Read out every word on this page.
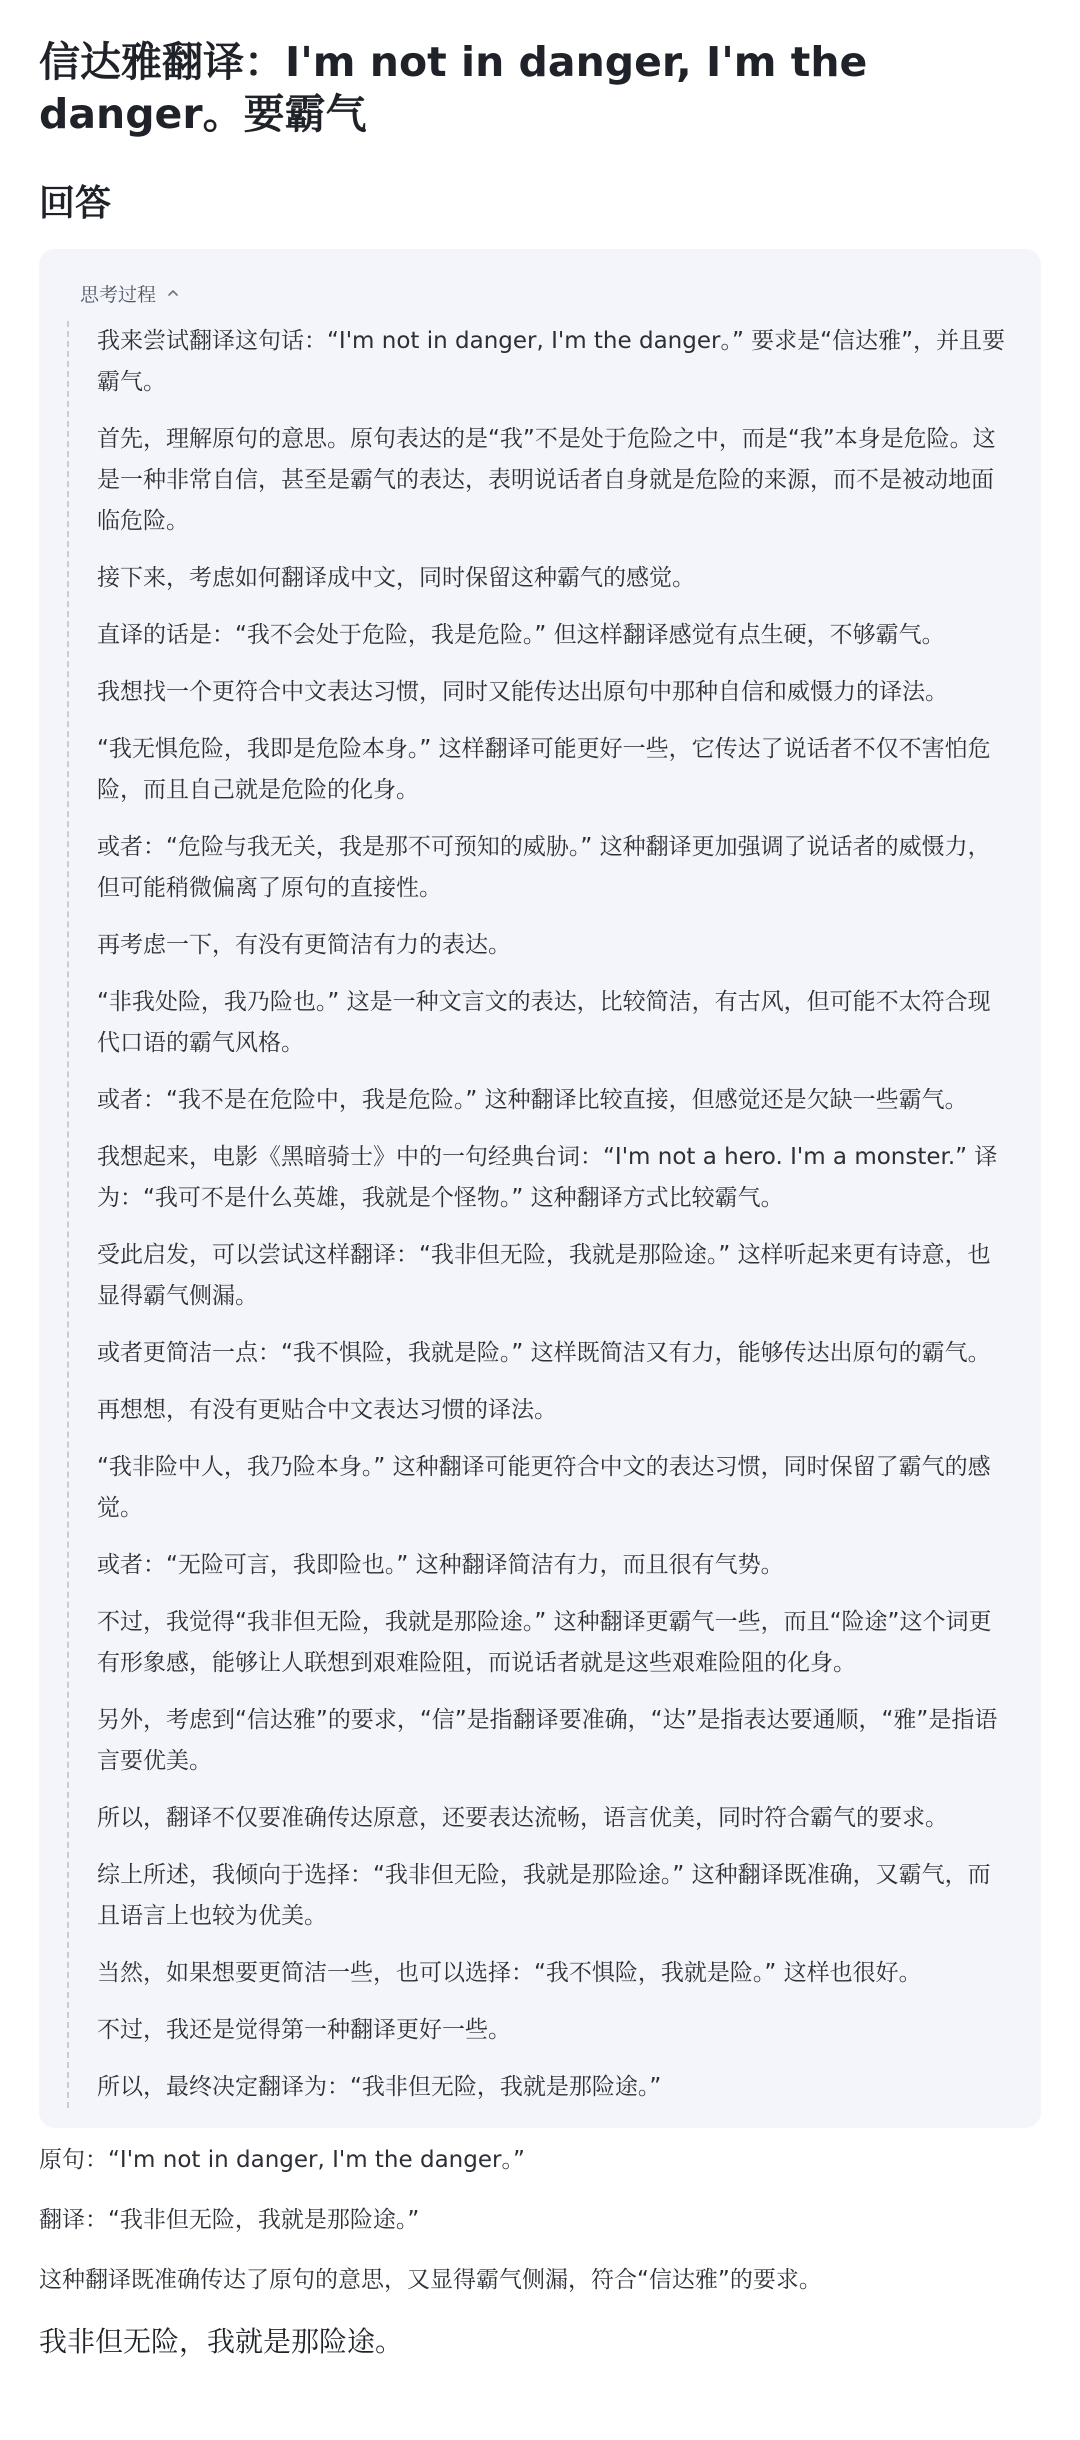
信达雅翻译：I'm not in danger, I'm the danger。要霸气
回答
思考过程

我来尝试翻译这句话：“I'm not in danger, I'm the danger。” 要求是“信达雅”，并且要霸气。

首先，理解原句的意思。原句表达的是“我”不是处于危险之中，而是“我”本身是危险。这是一种非常自信，甚至是霸气的表达，表明说话者自身就是危险的来源，而不是被动地面临危险。

接下来，考虑如何翻译成中文，同时保留这种霸气的感觉。

直译的话是：“我不会处于危险，我是危险。” 但这样翻译感觉有点生硬，不够霸气。

我想找一个更符合中文表达习惯，同时又能传达出原句中那种自信和威慑力的译法。

“我无惧危险，我即是危险本身。” 这样翻译可能更好一些，它传达了说话者不仅不害怕危险，而且自己就是危险的化身。

或者：“危险与我无关，我是那不可预知的威胁。” 这种翻译更加强调了说话者的威慑力，但可能稍微偏离了原句的直接性。

再考虑一下，有没有更简洁有力的表达。

“非我处险，我乃险也。” 这是一种文言文的表达，比较简洁，有古风，但可能不太符合现代口语的霸气风格。

或者：“我不是在危险中，我是危险。” 这种翻译比较直接，但感觉还是欠缺一些霸气。

我想起来，电影《黑暗骑士》中的一句经典台词：“I'm not a hero. I'm a monster.” 译为：“我可不是什么英雄，我就是个怪物。” 这种翻译方式比较霸气。

受此启发，可以尝试这样翻译：“我非但无险，我就是那险途。” 这样听起来更有诗意，也显得霸气侧漏。

或者更简洁一点：“我不惧险，我就是险。” 这样既简洁又有力，能够传达出原句的霸气。

再想想，有没有更贴合中文表达习惯的译法。

“我非险中人，我乃险本身。” 这种翻译可能更符合中文的表达习惯，同时保留了霸气的感觉。

或者：“无险可言，我即险也。” 这种翻译简洁有力，而且很有气势。

不过，我觉得“我非但无险，我就是那险途。” 这种翻译更霸气一些，而且“险途”这个词更有形象感，能够让人联想到艰难险阻，而说话者就是这些艰难险阻的化身。

另外，考虑到“信达雅”的要求，“信”是指翻译要准确，“达”是指表达要通顺，“雅”是指语言要优美。

所以，翻译不仅要准确传达原意，还要表达流畅，语言优美，同时符合霸气的要求。

综上所述，我倾向于选择：“我非但无险，我就是那险途。” 这种翻译既准确，又霸气，而且语言上也较为优美。

当然，如果想要更简洁一些，也可以选择：“我不惧险，我就是险。” 这样也很好。

不过，我还是觉得第一种翻译更好一些。

所以，最终决定翻译为：“我非但无险，我就是那险途。”

原句：“I'm not in danger, I'm the danger。”

翻译：“我非但无险，我就是那险途。”

这种翻译既准确传达了原句的意思，又显得霸气侧漏，符合“信达雅”的要求。

我非但无险，我就是那险途。
